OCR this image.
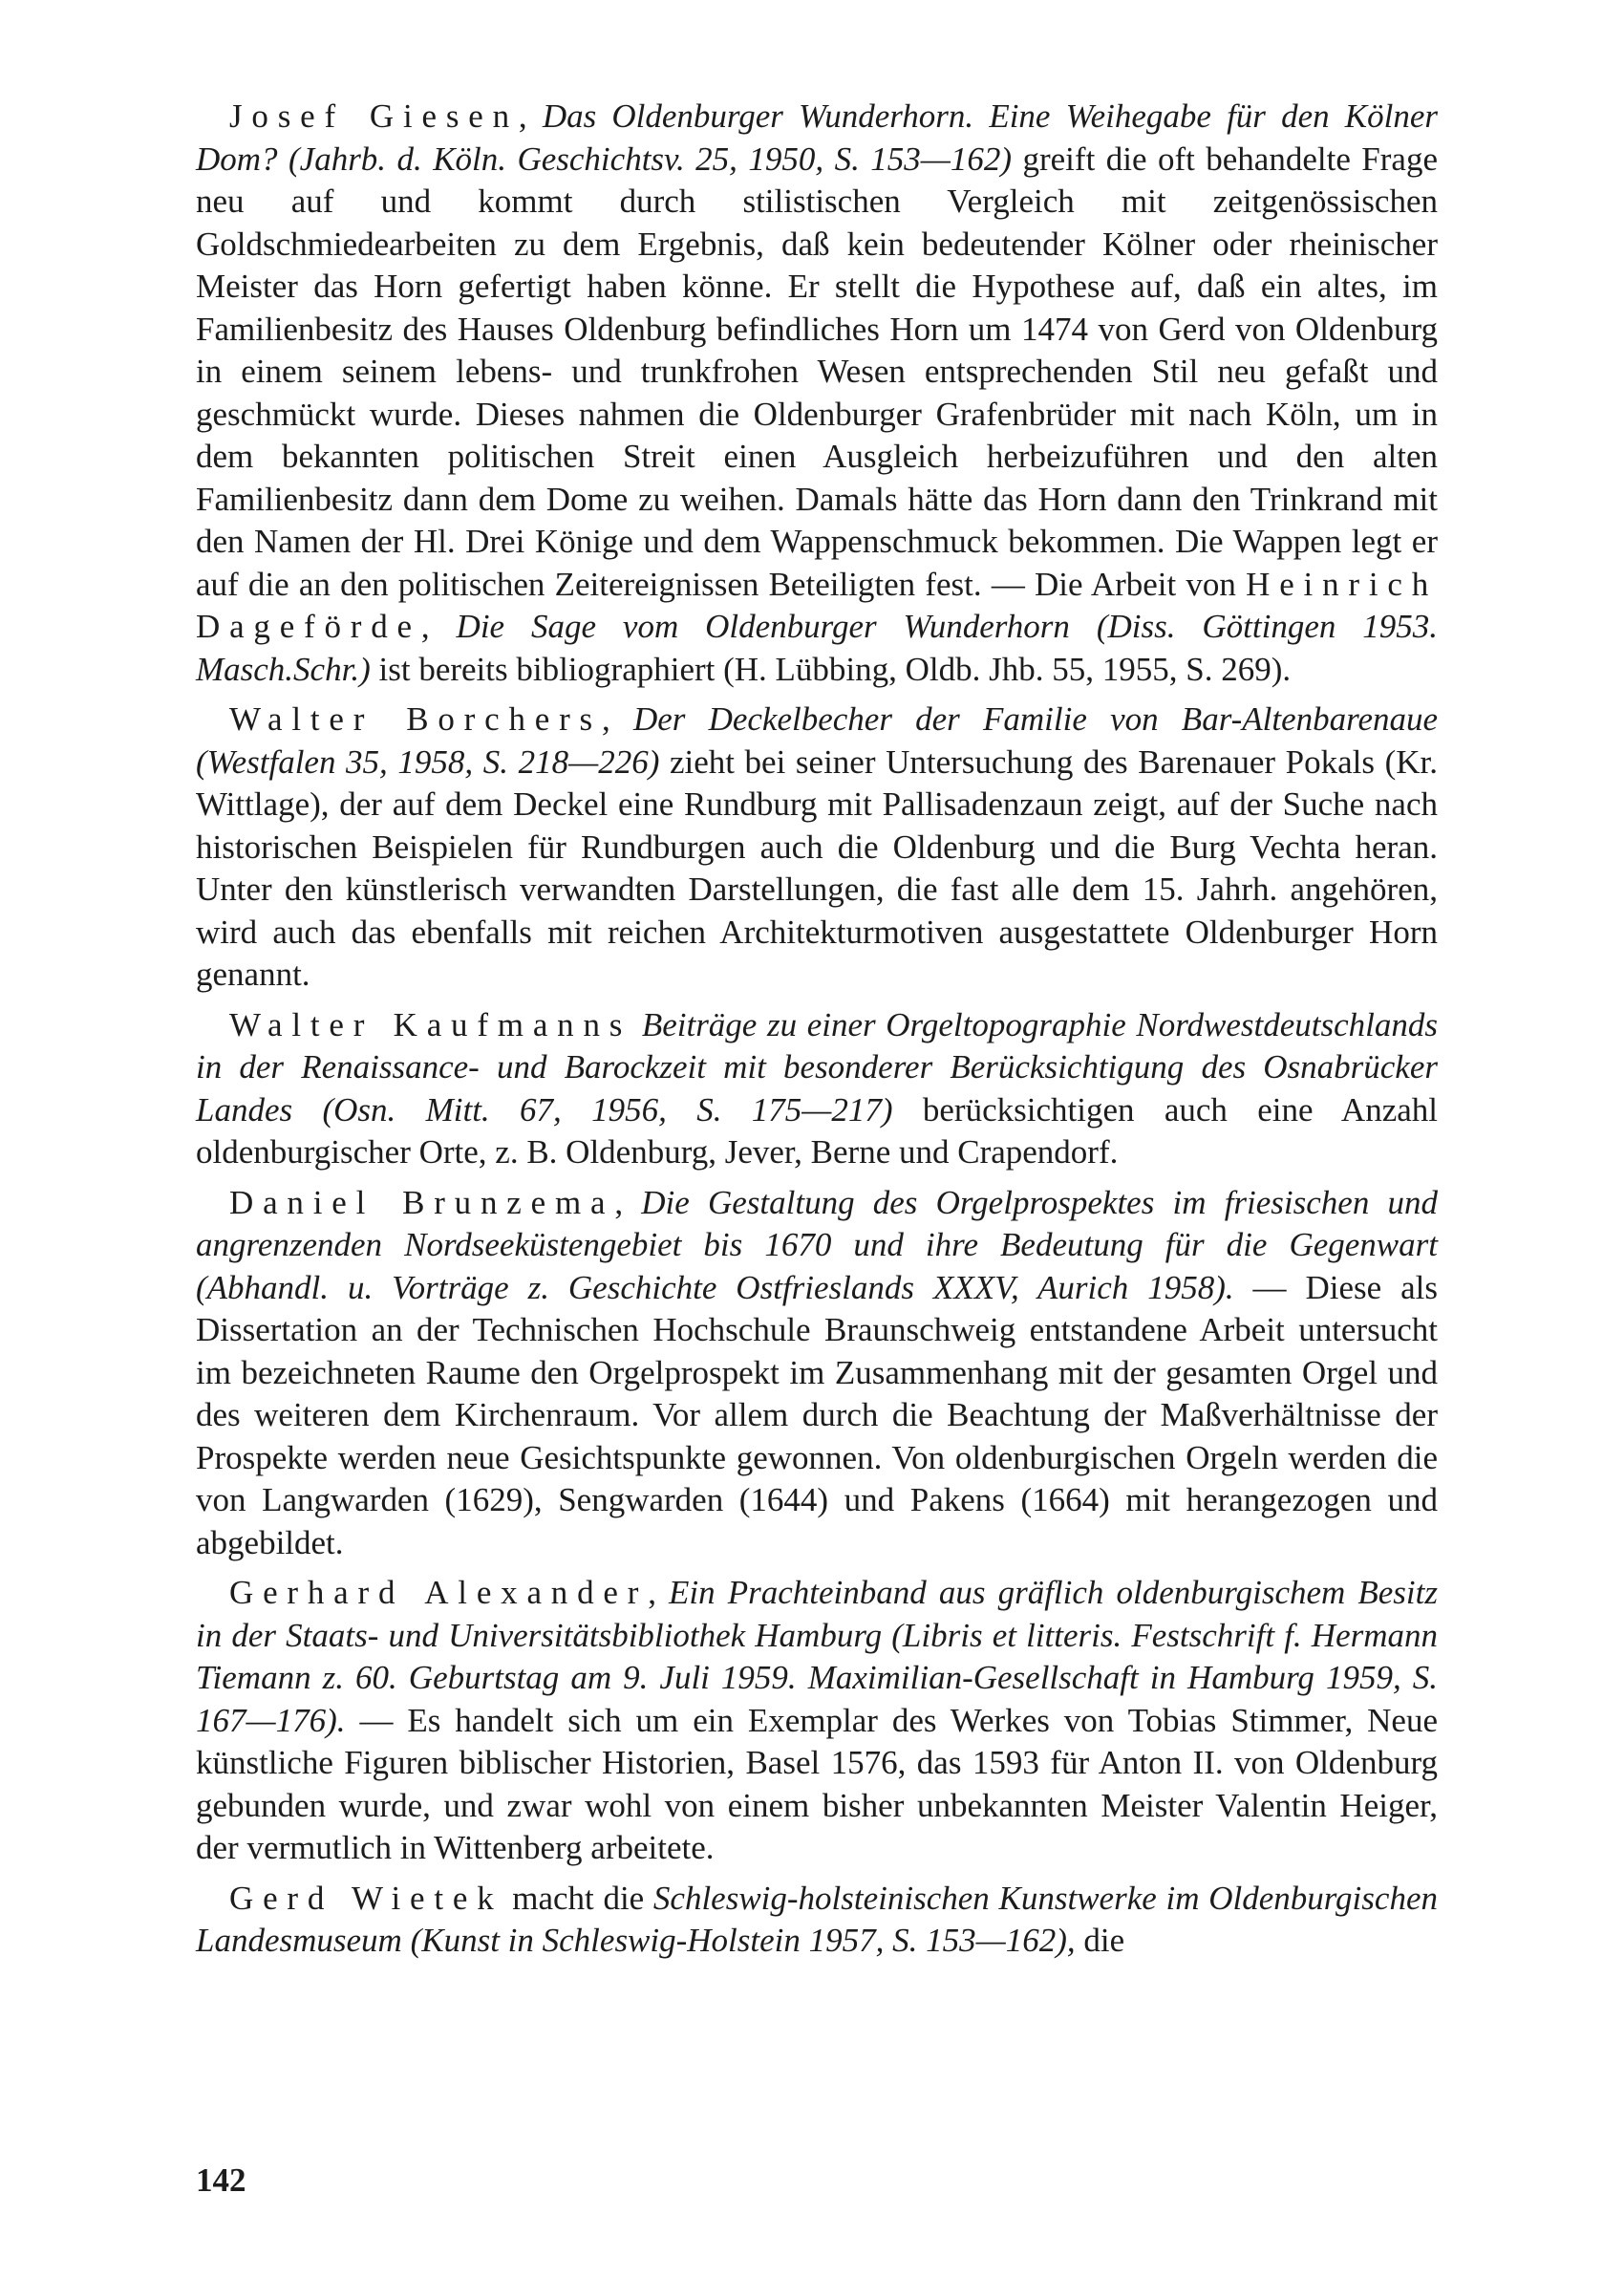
Josef Giesen, Das Oldenburger Wunderhorn. Eine Weihegabe für den Kölner Dom? (Jahrb. d. Köln. Geschichtsv. 25, 1950, S. 153—162) greift die oft behandelte Frage neu auf und kommt durch stilistischen Vergleich mit zeitgenössischen Goldschmiedearbeiten zu dem Ergebnis, daß kein bedeutender Kölner oder rheinischer Meister das Horn gefertigt haben könne. Er stellt die Hypothese auf, daß ein altes, im Familienbesitz des Hauses Oldenburg befindliches Horn um 1474 von Gerd von Oldenburg in einem seinem lebens- und trunkfrohen Wesen entsprechenden Stil neu gefaßt und geschmückt wurde. Dieses nahmen die Oldenburger Grafenbrüder mit nach Köln, um in dem bekannten politischen Streit einen Ausgleich herbeizuführen und den alten Familienbesitz dann dem Dome zu weihen. Damals hätte das Horn dann den Trinkrand mit den Namen der Hl. Drei Könige und dem Wappenschmuck bekommen. Die Wappen legt er auf die an den politischen Zeitereignissen Beteiligten fest. — Die Arbeit von Heinrich Dageförde, Die Sage vom Oldenburger Wunderhorn (Diss. Göttingen 1953. Masch.Schr.) ist bereits bibliographiert (H. Lübbing, Oldb. Jhb. 55, 1955, S. 269).

Walter Borchers, Der Deckelbecher der Familie von Bar-Altenbarenaue (Westfalen 35, 1958, S. 218—226) zieht bei seiner Untersuchung des Barenauer Pokals (Kr. Wittlage), der auf dem Deckel eine Rundburg mit Pallisadenzaun zeigt, auf der Suche nach historischen Beispielen für Rundburgen auch die Oldenburg und die Burg Vechta heran. Unter den künstlerisch verwandten Darstellungen, die fast alle dem 15. Jahrh. angehören, wird auch das ebenfalls mit reichen Architekturmotiven ausgestattete Oldenburger Horn genannt.

Walter Kaufmanns Beiträge zu einer Orgeltopographie Nordwestdeutschlands in der Renaissance- und Barockzeit mit besonderer Berücksichtigung des Osnabrücker Landes (Osn. Mitt. 67, 1956, S. 175—217) berücksichtigen auch eine Anzahl oldenburgischer Orte, z. B. Oldenburg, Jever, Berne und Crapendorf.

Daniel Brunzema, Die Gestaltung des Orgelprospektes im friesischen und angrenzenden Nordseeküstengebiet bis 1670 und ihre Bedeutung für die Gegenwart (Abhandl. u. Vorträge z. Geschichte Ostfrieslands XXXV, Aurich 1958). — Diese als Dissertation an der Technischen Hochschule Braunschweig entstandene Arbeit untersucht im bezeichneten Raume den Orgelprospekt im Zusammenhang mit der gesamten Orgel und des weiteren dem Kirchenraum. Vor allem durch die Beachtung der Maßverhältnisse der Prospekte werden neue Gesichtspunkte gewonnen. Von oldenburgischen Orgeln werden die von Langwarden (1629), Sengwarden (1644) und Pakens (1664) mit herangezogen und abgebildet.

Gerhard Alexander, Ein Prachteinband aus gräflich oldenburgischem Besitz in der Staats- und Universitätsbibliothek Hamburg (Libris et litteris. Festschrift f. Hermann Tiemann z. 60. Geburtstag am 9. Juli 1959. Maximilian-Gesellschaft in Hamburg 1959, S. 167—176). — Es handelt sich um ein Exemplar des Werkes von Tobias Stimmer, Neue künstliche Figuren biblischer Historien, Basel 1576, das 1593 für Anton II. von Oldenburg gebunden wurde, und zwar wohl von einem bisher unbekannten Meister Valentin Heiger, der vermutlich in Wittenberg arbeitete.

Gerd Wietek macht die Schleswig-holsteinischen Kunstwerke im Oldenburgischen Landesmuseum (Kunst in Schleswig-Holstein 1957, S. 153—162), die

142
